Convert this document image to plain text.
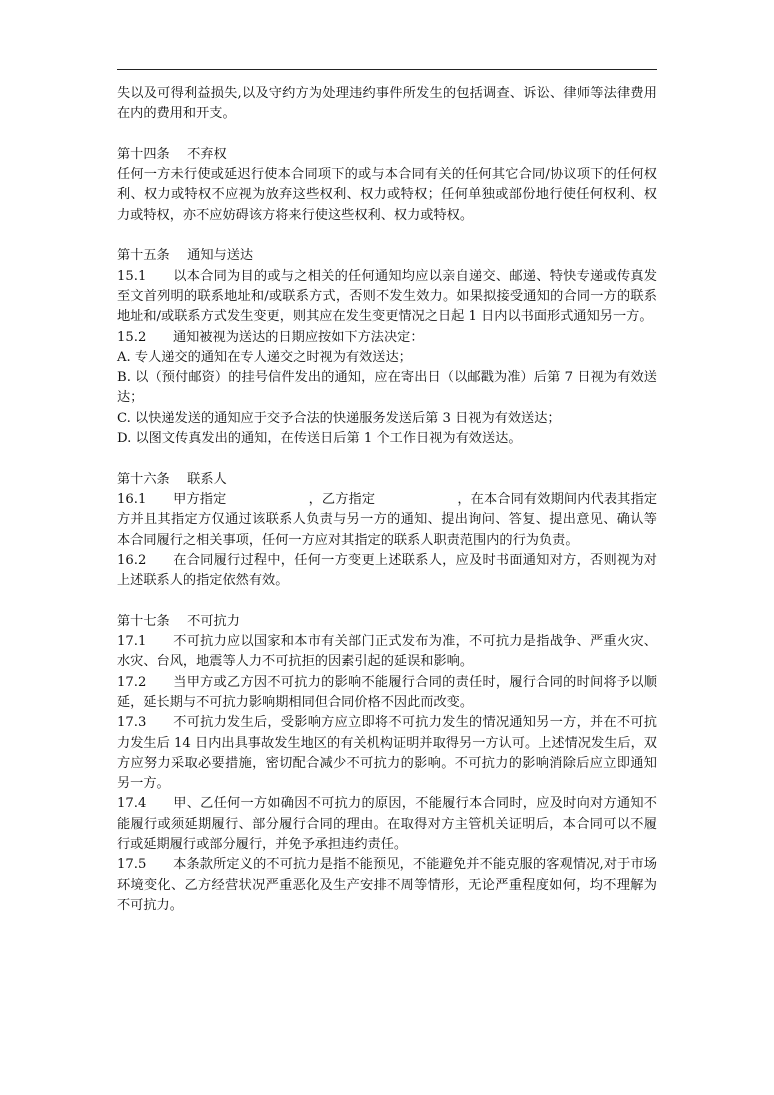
失以及可得利益损失,以及守约方为处理违约事件所发生的包括调查、诉讼、律师等法律费用在内的费用和开支。

第十四条　 不弃权

任何一方未行使或延迟行使本合同项下的或与本合同有关的任何其它合同/协议项下的任何权利、权力或特权不应视为放弃这些权利、权力或特权；任何单独或部份地行使任何权利、权力或特权，亦不应妨碍该方将来行使这些权利、权力或特权。

第十五条　 通知与送达

15.1 以本合同为目的或与之相关的任何通知均应以亲自递交、邮递、特快专递或传真发至文首列明的联系地址和/或联系方式，否则不发生效力。如果拟接受通知的合同一方的联系地址和/或联系方式发生变更，则其应在发生变更情况之日起 1 日内以书面形式通知另一方。

15.2 通知被视为送达的日期应按如下方法决定：

A. 专人递交的通知在专人递交之时视为有效送达；

B. 以（预付邮资）的挂号信件发出的通知，应在寄出日（以邮戳为准）后第 7 日视为有效送达；

C. 以快递发送的通知应于交予合法的快递服务发送后第 3 日视为有效送达；

D. 以图文传真发出的通知，在传送日后第 1 个工作日视为有效送达。

第十六条　 联系人

16.1 甲方指定	，乙方指定	，在本合同有效期间内代表其指定方并且其指定方仅通过该联系人负责与另一方的通知、提出询问、答复、提出意见、确认等本合同履行之相关事项，任何一方应对其指定的联系人职责范围内的行为负责。

16.2 在合同履行过程中，任何一方变更上述联系人，应及时书面通知对方，否则视为对上述联系人的指定依然有效。

第十七条　 不可抗力

17.1 不可抗力应以国家和本市有关部门正式发布为准，不可抗力是指战争、严重火灾、水灾、台风，地震等人力不可抗拒的因素引起的延误和影响。

17.2 当甲方或乙方因不可抗力的影响不能履行合同的责任时，履行合同的时间将予以顺延，延长期与不可抗力影响期相同但合同价格不因此而改变。

17.3 不可抗力发生后，受影响方应立即将不可抗力发生的情况通知另一方，并在不可抗力发生后 14 日内出具事故发生地区的有关机构证明并取得另一方认可。上述情况发生后，双方应努力采取必要措施，密切配合减少不可抗力的影响。不可抗力的影响消除后应立即通知另一方。

17.4 甲、乙任何一方如确因不可抗力的原因，不能履行本合同时，应及时向对方通知不能履行或须延期履行、部分履行合同的理由。在取得对方主管机关证明后，本合同可以不履行或延期履行或部分履行，并免予承担违约责任。

17.5 本条款所定义的不可抗力是指不能预见，不能避免并不能克服的客观情况,对于市场环境变化、乙方经营状况严重恶化及生产安排不周等情形，无论严重程度如何，均不理解为不可抗力。
